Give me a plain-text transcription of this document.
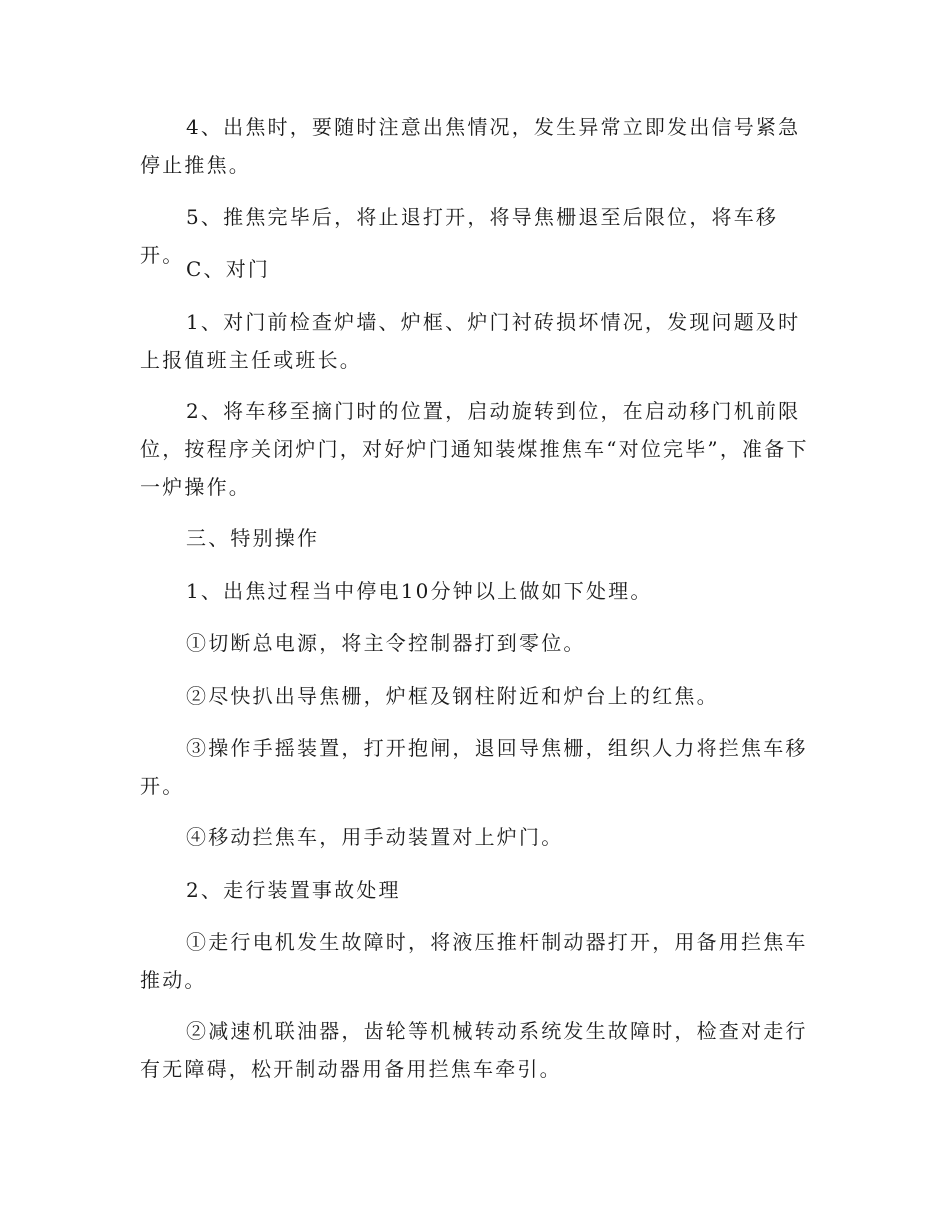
4、出焦时，要随时注意出焦情况，发生异常立即发出信号紧急停止推焦。

5、推焦完毕后，将止退打开，将导焦栅退至后限位，将车移开。

C、对门

1、对门前检查炉墙、炉框、炉门衬砖损坏情况，发现问题及时上报值班主任或班长。

2、将车移至摘门时的位置，启动旋转到位，在启动移门机前限位，按程序关闭炉门，对好炉门通知装煤推焦车“对位完毕”，准备下一炉操作。

三、特别操作

1、出焦过程当中停电10分钟以上做如下处理。

①切断总电源，将主令控制器打到零位。

②尽快扒出导焦栅，炉框及钢柱附近和炉台上的红焦。

③操作手摇装置，打开抱闸，退回导焦栅，组织人力将拦焦车移开。

④移动拦焦车，用手动装置对上炉门。

2、走行装置事故处理

①走行电机发生故障时，将液压推杆制动器打开，用备用拦焦车推动。

②减速机联油器，齿轮等机械转动系统发生故障时，检查对走行有无障碍，松开制动器用备用拦焦车牵引。
